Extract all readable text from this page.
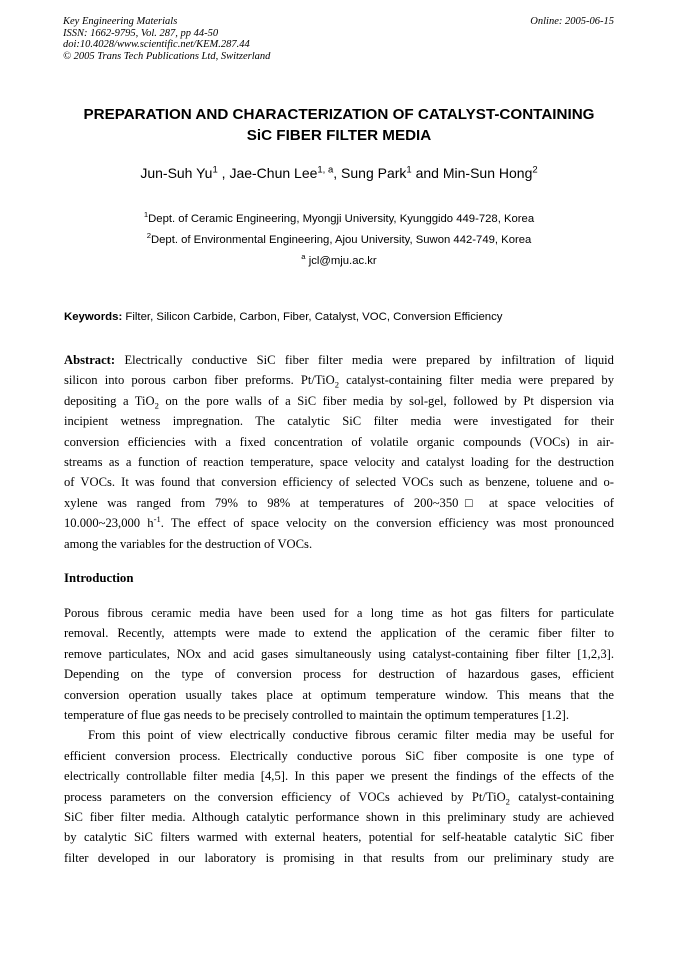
Key Engineering Materials
ISSN: 1662-9795, Vol. 287, pp 44-50
doi:10.4028/www.scientific.net/KEM.287.44
© 2005 Trans Tech Publications Ltd, Switzerland
Online: 2005-06-15
PREPARATION AND CHARACTERIZATION OF CATALYST-CONTAINING
SiC FIBER FILTER MEDIA
Jun-Suh Yu$^1$ , Jae-Chun Lee$^{1, a}$, Sung Park$^1$ and Min-Sun Hong$^2$
$^1$Dept. of Ceramic Engineering, Myongji University, Kyunggido 449-728, Korea
$^2$Dept. of Environmental Engineering, Ajou University, Suwon 442-749, Korea
$^a$ jcl@mju.ac.kr
Keywords: Filter, Silicon Carbide, Carbon, Fiber, Catalyst, VOC, Conversion Efficiency
Abstract: Electrically conductive SiC fiber filter media were prepared by infiltration of liquid
silicon into porous carbon fiber preforms. Pt/TiO$_2$ catalyst-containing filter media were prepared by
depositing a TiO$_2$ on the pore walls of a SiC fiber media by sol-gel, followed by Pt dispersion via
incipient wetness impregnation. The catalytic SiC filter media were investigated for their
conversion efficiencies with a fixed concentration of volatile organic compounds (VOCs) in air-
streams as a function of reaction temperature, space velocity and catalyst loading for the destruction
of VOCs. It was found that conversion efficiency of selected VOCs such as benzene, toluene and o-
xylene was ranged from 79% to 98% at temperatures of 200~350□ at space velocities of
10.000~23,000 $h^{-1}$. The effect of space velocity on the conversion efficiency was most pronounced
among the variables for the destruction of VOCs.
Introduction
Porous fibrous ceramic media have been used for a long time as hot gas filters for particulate
removal. Recently, attempts were made to extend the application of the ceramic fiber filter to
remove particulates, NOx and acid gases simultaneously using catalyst-containing fiber filter [1,2,3].
Depending on the type of conversion process for destruction of hazardous gases, efficient
conversion operation usually takes place at optimum temperature window. This means that the
temperature of flue gas needs to be precisely controlled to maintain the optimum temperatures [1.2].
From this point of view electrically conductive fibrous ceramic filter media may be useful for
efficient conversion process. Electrically conductive porous SiC fiber composite is one type of
electrically controllable filter media [4,5]. In this paper we present the findings of the effects of the
process parameters on the conversion efficiency of VOCs achieved by Pt/TiO$_2$ catalyst-containing
SiC fiber filter media. Although catalytic performance shown in this preliminary study are achieved
by catalytic SiC filters warmed with external heaters, potential for self-heatable catalytic SiC fiber
filter developed in our laboratory is promising in that results from our preliminary study are
